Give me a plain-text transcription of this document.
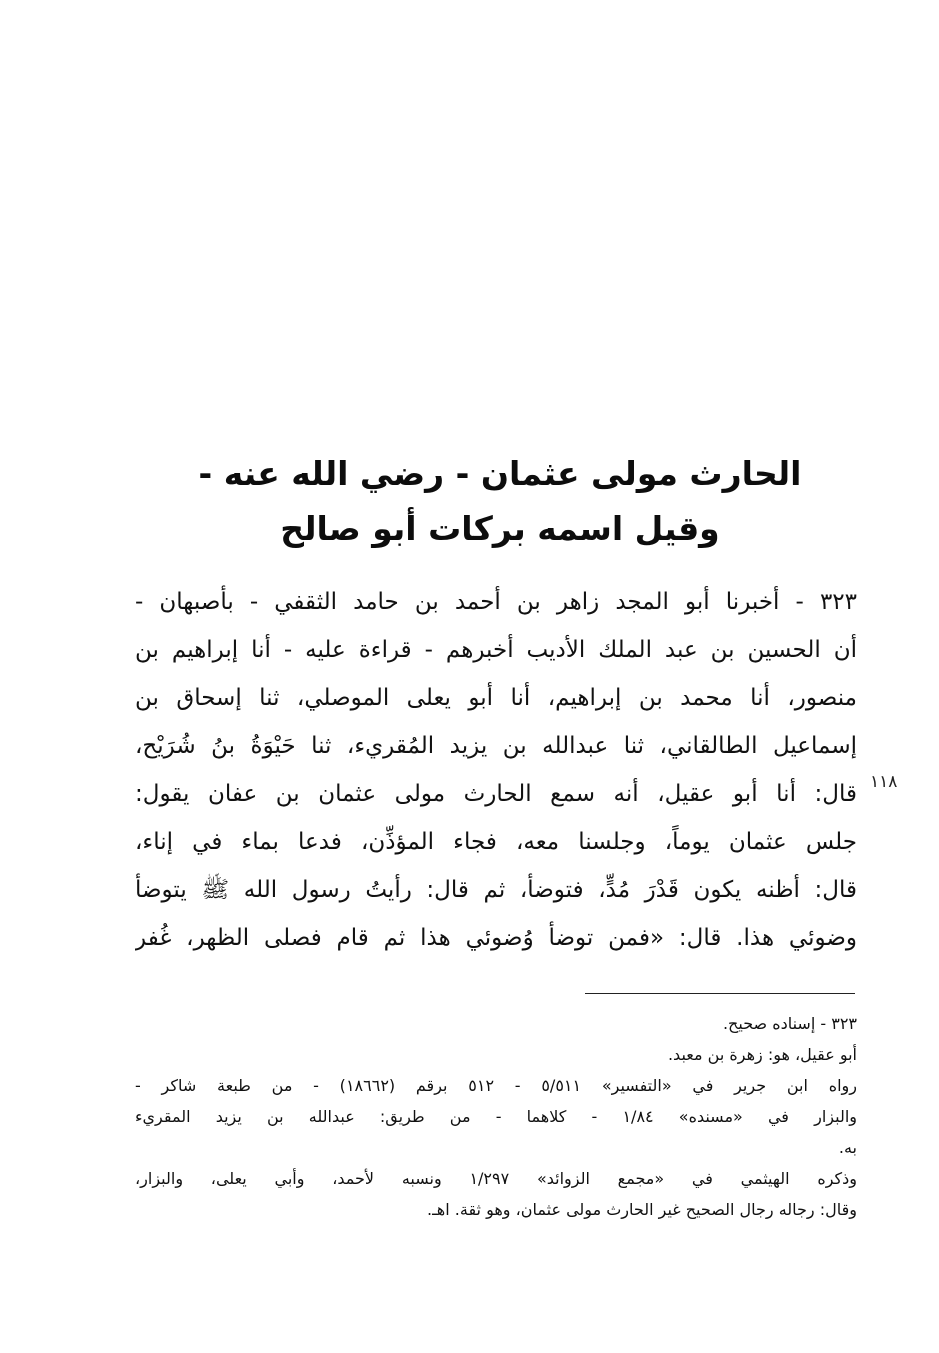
الحارث مولى عثمان - رضي الله عنه -
وقيل اسمه بركات أبو صالح
٣٢٣ - أخبرنا أبو المجد زاهر بن أحمد بن حامد الثقفي - بأصبهان -
أن الحسين بن عبد الملك الأديب أخبرهم - قراءة عليه - أنا إبراهيم بن
منصور، أنا محمد بن إبراهيم، أنا أبو يعلى الموصلي، ثنا إسحاق بن
إسماعيل الطالقاني، ثنا عبدالله بن يزيد المُقريء، ثنا حَيْوَةُ بنُ شُرَيْح،
قال: أنا أبو عقيل، أنه سمع الحارث مولى عثمان بن عفان يقول:
جلس عثمان يوماً، وجلسنا معه، فجاء المؤذِّن، فدعا بماء في إناء،
قال: أظنه يكون قَدْرَ مُدٍّ، فتوضأ، ثم قال: رأيتُ رسول الله ﷺ يتوضأ
وضوئي هذا. قال: «فمن توضأ وُضوئي هذا ثم قام فصلى الظهر، غُفر
١١٨
٣٢٣ - إسناده صحيح.
أبو عقيل، هو: زهرة بن معبد.
رواه ابن جرير في «التفسير» ٥/٥١١ - ٥١٢ برقم (١٨٦٦٢) - من طبعة شاكر -
والبزار في «مسنده» ١/٨٤ - كلاهما - من طريق: عبدالله بن يزيد المقريء
به.
وذكره الهيثمي في «مجمع الزوائد» ١/٢٩٧ ونسبه لأحمد، وأبي يعلى، والبزار،
وقال: رجاله رجال الصحيح غير الحارث مولى عثمان، وهو ثقة. اهـ.
